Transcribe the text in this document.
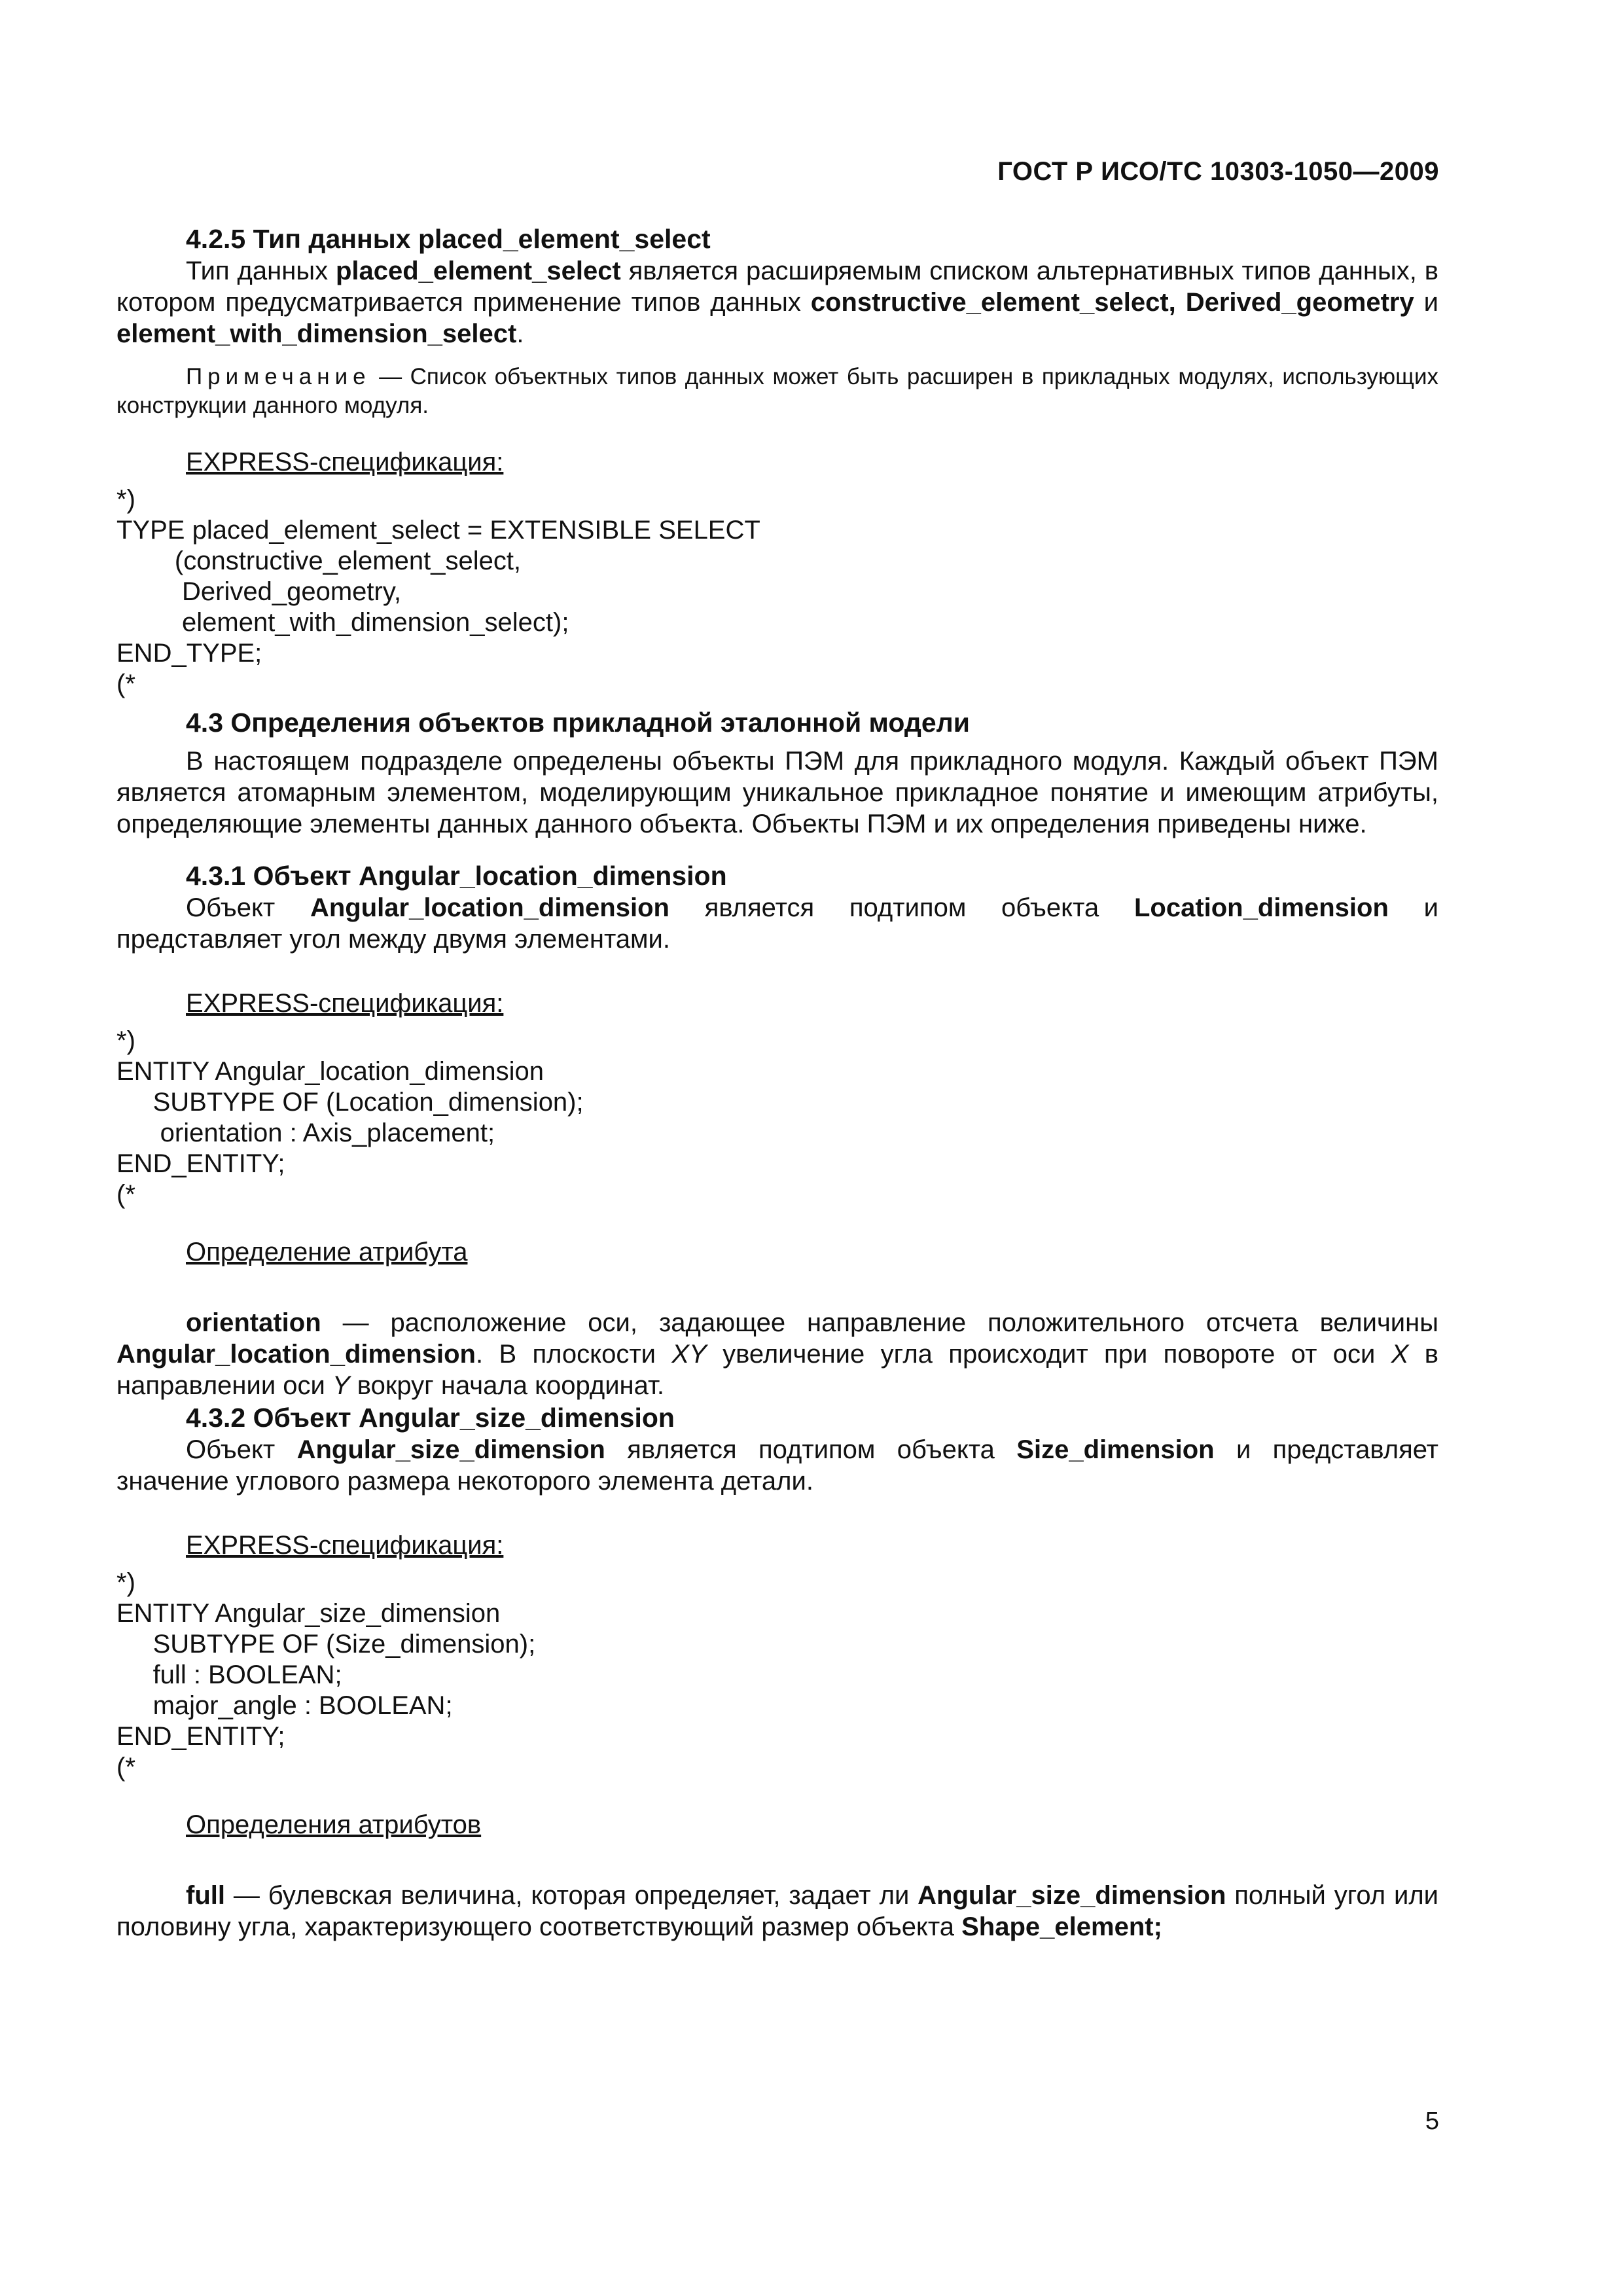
ГОСТ Р ИСО/ТС 10303-1050—2009
4.2.5 Тип данных placed_element_select
Тип данных placed_element_select является расширяемым списком альтернативных типов данных, в котором предусматривается применение типов данных constructive_element_select, Derived_geometry и element_with_dimension_select.
Примечание — Список объектных типов данных может быть расширен в прикладных модулях, использующих конструкции данного модуля.
EXPRESS-спецификация:
*)
TYPE placed_element_select = EXTENSIBLE SELECT
(constructive_element_select,
Derived_geometry,
element_with_dimension_select);
END_TYPE;
(*
4.3 Определения объектов прикладной эталонной модели
В настоящем подразделе определены объекты ПЭМ для прикладного модуля. Каждый объект ПЭМ является атомарным элементом, моделирующим уникальное прикладное понятие и имеющим атрибуты, определяющие элементы данных данного объекта. Объекты ПЭМ и их определения приведены ниже.
4.3.1 Объект Angular_location_dimension
Объект Angular_location_dimension является подтипом объекта Location_dimension и представляет угол между двумя элементами.
EXPRESS-спецификация:
*)
ENTITY Angular_location_dimension
SUBTYPE OF (Location_dimension);
orientation : Axis_placement;
END_ENTITY;
(*
Определение атрибута
orientation — расположение оси, задающее направление положительного отсчета величины Angular_location_dimension. В плоскости XY увеличение угла происходит при повороте от оси X в направлении оси Y вокруг начала координат.
4.3.2 Объект Angular_size_dimension
Объект Angular_size_dimension является подтипом объекта Size_dimension и представляет значение углового размера некоторого элемента детали.
EXPRESS-спецификация:
*)
ENTITY Angular_size_dimension
SUBTYPE OF (Size_dimension);
full : BOOLEAN;
major_angle : BOOLEAN;
END_ENTITY;
(*
Определения атрибутов
full — булевская величина, которая определяет, задает ли Angular_size_dimension полный угол или половину угла, характеризующего соответствующий размер объекта Shape_element;
5
